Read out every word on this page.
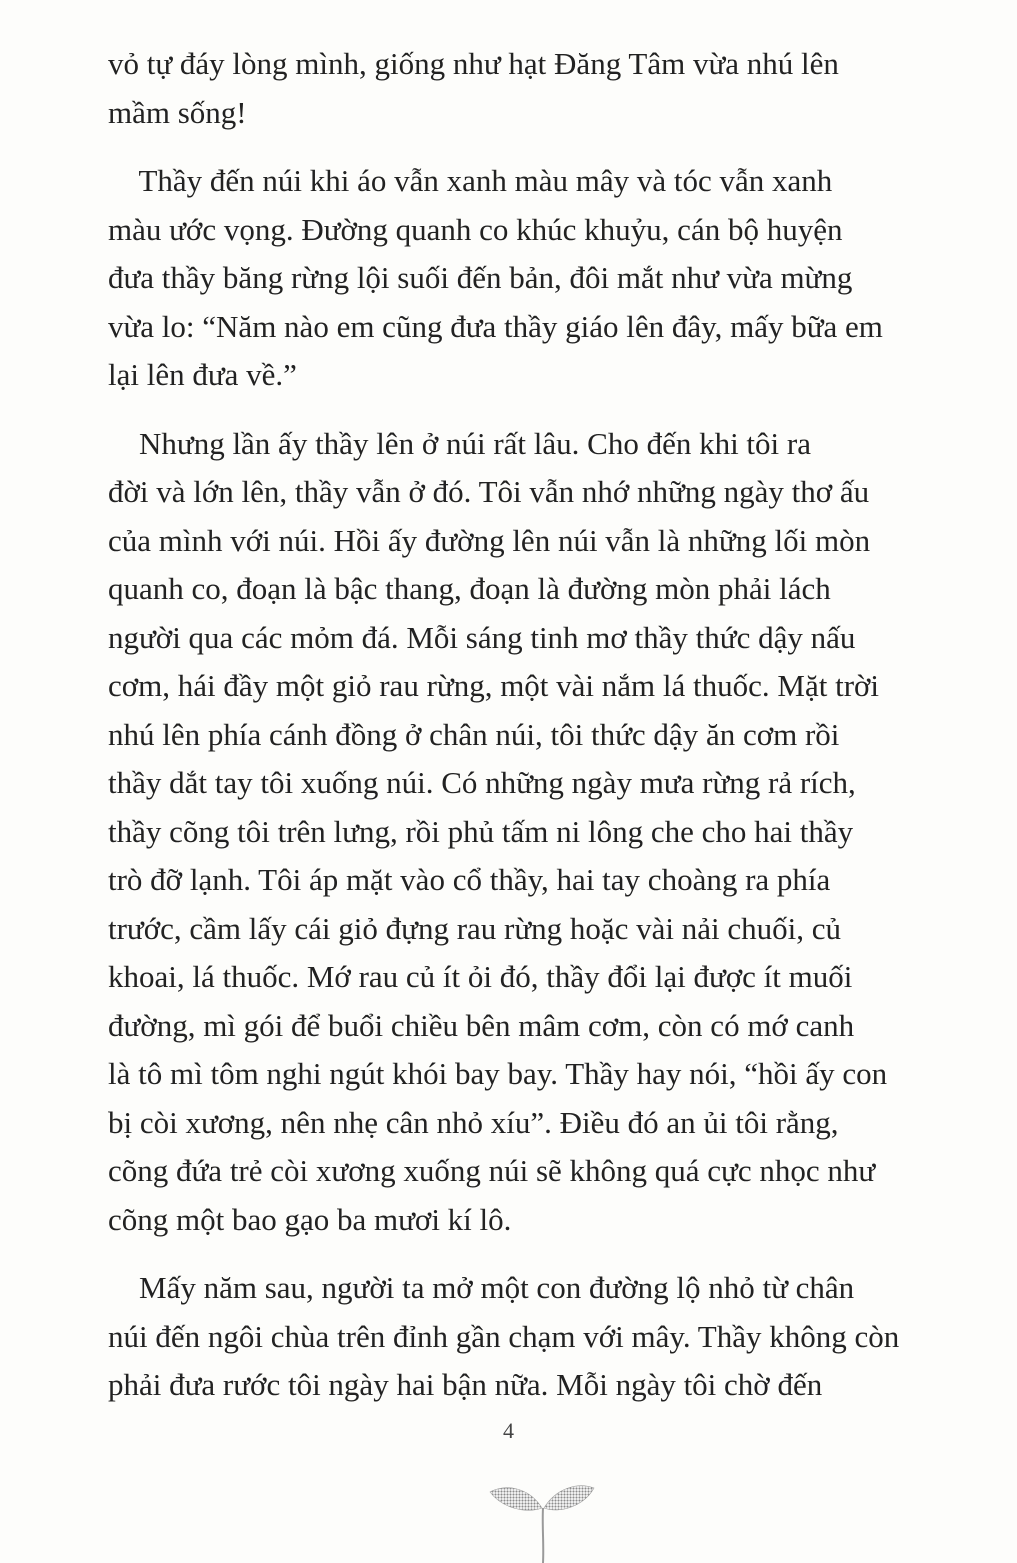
vỏ tự đáy lòng mình, giống như hạt Đăng Tâm vừa nhú lên
mầm sống!

Thầy đến núi khi áo vẫn xanh màu mây và tóc vẫn xanh
màu ước vọng. Đường quanh co khúc khuỷu, cán bộ huyện
đưa thầy băng rừng lội suối đến bản, đôi mắt như vừa mừng
vừa lo: “Năm nào em cũng đưa thầy giáo lên đây, mấy bữa em
lại lên đưa về.”

Nhưng lần ấy thầy lên ở núi rất lâu. Cho đến khi tôi ra
đời và lớn lên, thầy vẫn ở đó. Tôi vẫn nhớ những ngày thơ ấu
của mình với núi. Hồi ấy đường lên núi vẫn là những lối mòn
quanh co, đoạn là bậc thang, đoạn là đường mòn phải lách
người qua các mỏm đá. Mỗi sáng tinh mơ thầy thức dậy nấu
cơm, hái đầy một giỏ rau rừng, một vài nắm lá thuốc. Mặt trời
nhú lên phía cánh đồng ở chân núi, tôi thức dậy ăn cơm rồi
thầy dắt tay tôi xuống núi. Có những ngày mưa rừng rả rích,
thầy cõng tôi trên lưng, rồi phủ tấm ni lông che cho hai thầy
trò đỡ lạnh. Tôi áp mặt vào cổ thầy, hai tay choàng ra phía
trước, cầm lấy cái giỏ đựng rau rừng hoặc vài nải chuối, củ
khoai, lá thuốc. Mớ rau củ ít ỏi đó, thầy đổi lại được ít muối
đường, mì gói để buổi chiều bên mâm cơm, còn có mớ canh
là tô mì tôm nghi ngút khói bay bay. Thầy hay nói, “hồi ấy con
bị còi xương, nên nhẹ cân nhỏ xíu”. Điều đó an ủi tôi rằng,
cõng đứa trẻ còi xương xuống núi sẽ không quá cực nhọc như
cõng một bao gạo ba mươi kí lô.

Mấy năm sau, người ta mở một con đường lộ nhỏ từ chân
núi đến ngôi chùa trên đỉnh gần chạm với mây. Thầy không còn
phải đưa rước tôi ngày hai bận nữa. Mỗi ngày tôi chờ đến

4
